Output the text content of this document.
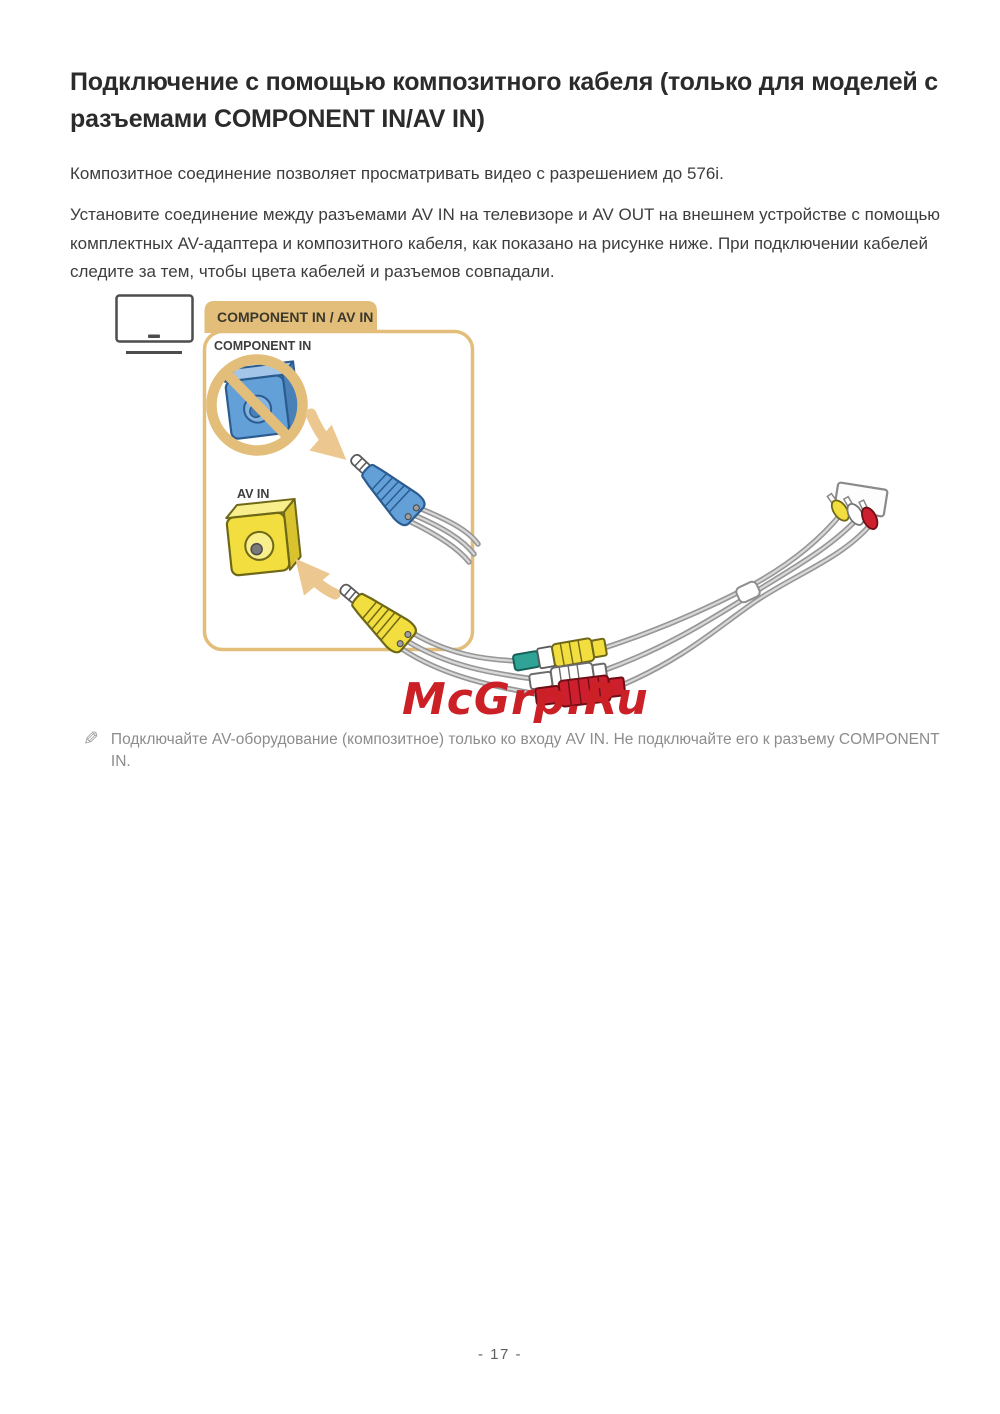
Подключение с помощью композитного кабеля (только для моделей с разъемами COMPONENT IN/AV IN)

Композитное соединение позволяет просматривать видео с разрешением до 576i.

Установите соединение между разъемами AV IN на телевизоре и AV OUT на внешнем устройстве с помощью комплектных AV-адаптера и композитного кабеля, как показано на рисунке ниже. При подключении кабелей следите за тем, чтобы цвета кабелей и разъемов совпадали.

COMPONENT IN / AV IN
COMPONENT IN
AV IN
McGrp.Ru
✎ Подключайте AV-оборудование (композитное) только ко входу AV IN. Не подключайте его к разъему COMPONENT IN.
- 17 -
